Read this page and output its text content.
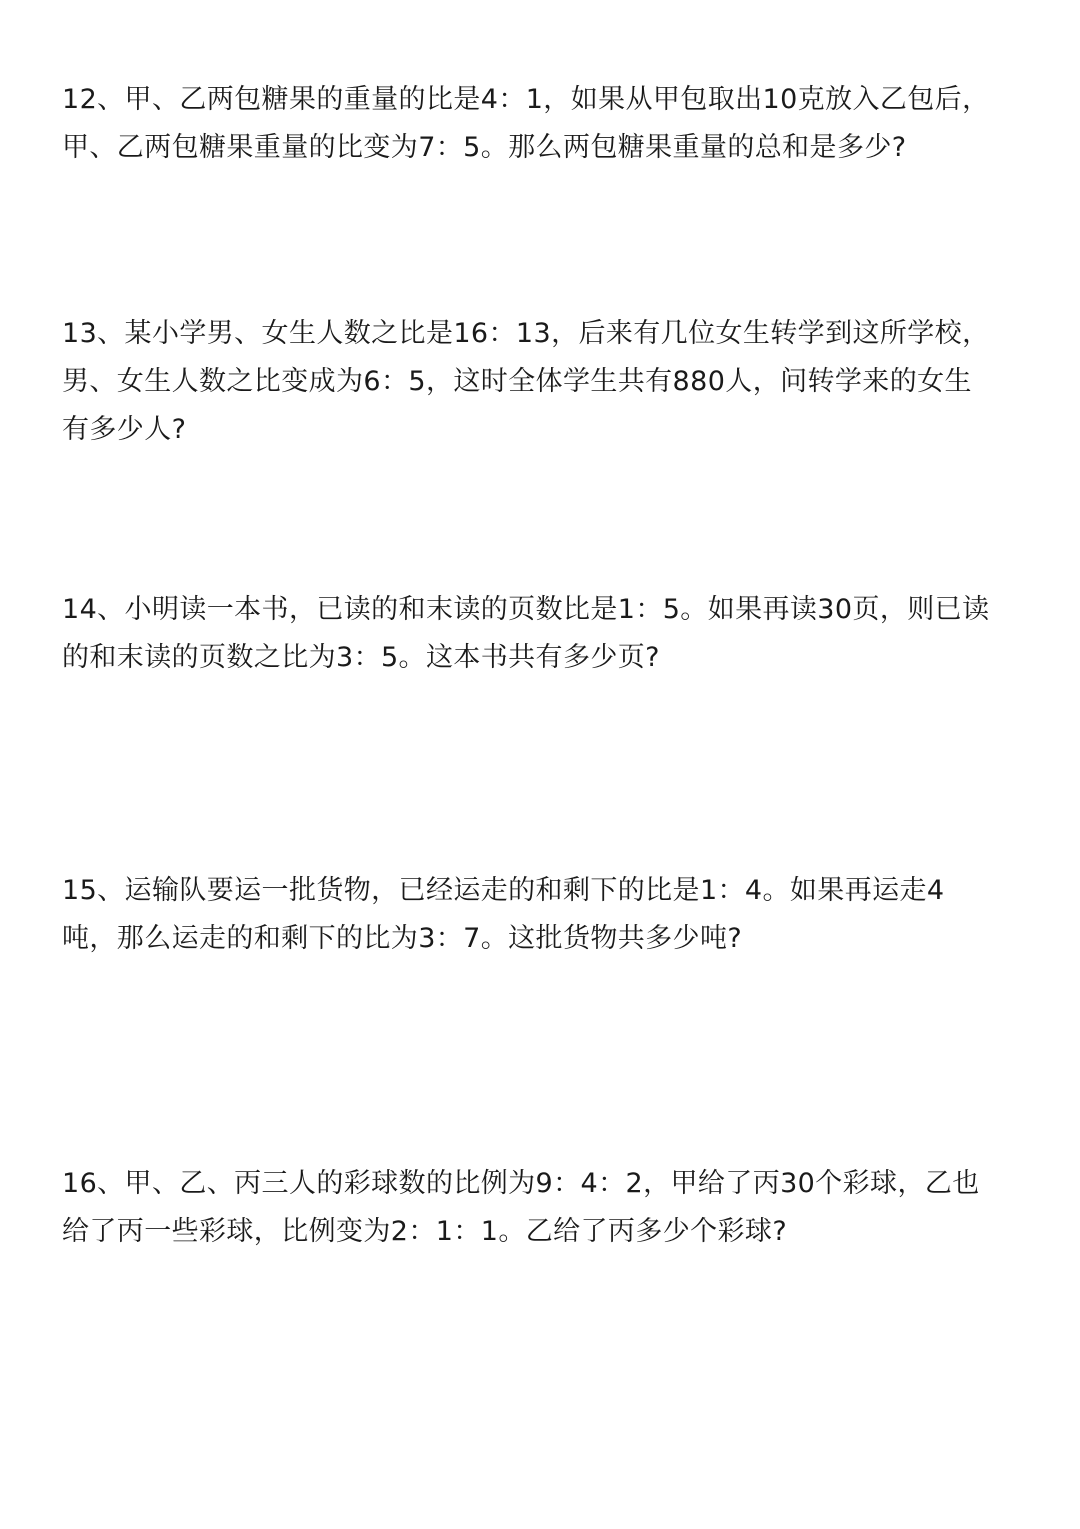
12、甲、乙两包糖果的重量的比是4：1，如果从甲包取出10克放入乙包后，
甲、乙两包糖果重量的比变为7：5。那么两包糖果重量的总和是多少?
13、某小学男、女生人数之比是16：13，后来有几位女生转学到这所学校，
男、女生人数之比变成为6：5，这时全体学生共有880人，问转学来的女生
有多少人?
14、小明读一本书，已读的和末读的页数比是1：5。如果再读30页，则已读
的和末读的页数之比为3：5。这本书共有多少页?
15、运输队要运一批货物，已经运走的和剩下的比是1：4。如果再运走4
吨，那么运走的和剩下的比为3：7。这批货物共多少吨?
16、甲、乙、丙三人的彩球数的比例为9：4：2，甲给了丙30个彩球，乙也
给了丙一些彩球，比例变为2：1：1。乙给了丙多少个彩球?
